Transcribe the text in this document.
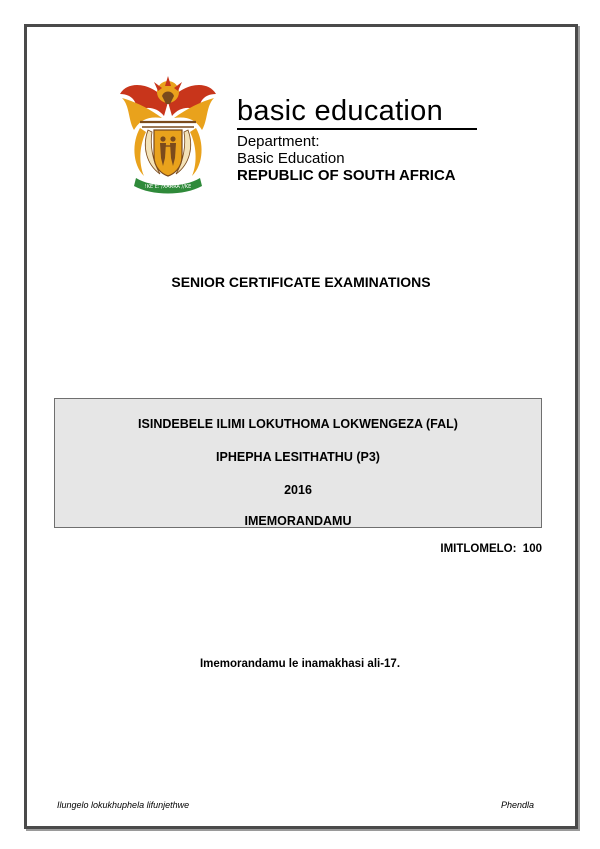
!KE E: /XARRA //KE
basic education
Department:
Basic Education
REPUBLIC OF SOUTH AFRICA
SENIOR CERTIFICATE EXAMINATIONS
ISINDEBELE ILIMI LOKUTHOMA LOKWENGEZA (FAL)
IPHEPHA LESITHATHU (P3)
2016
IMEMORANDAMU
IMITLOMELO:  100
Imemorandamu le inamakhasi ali-17.
Ilungelo lokukhuphela lifunjethwe	Phendla
